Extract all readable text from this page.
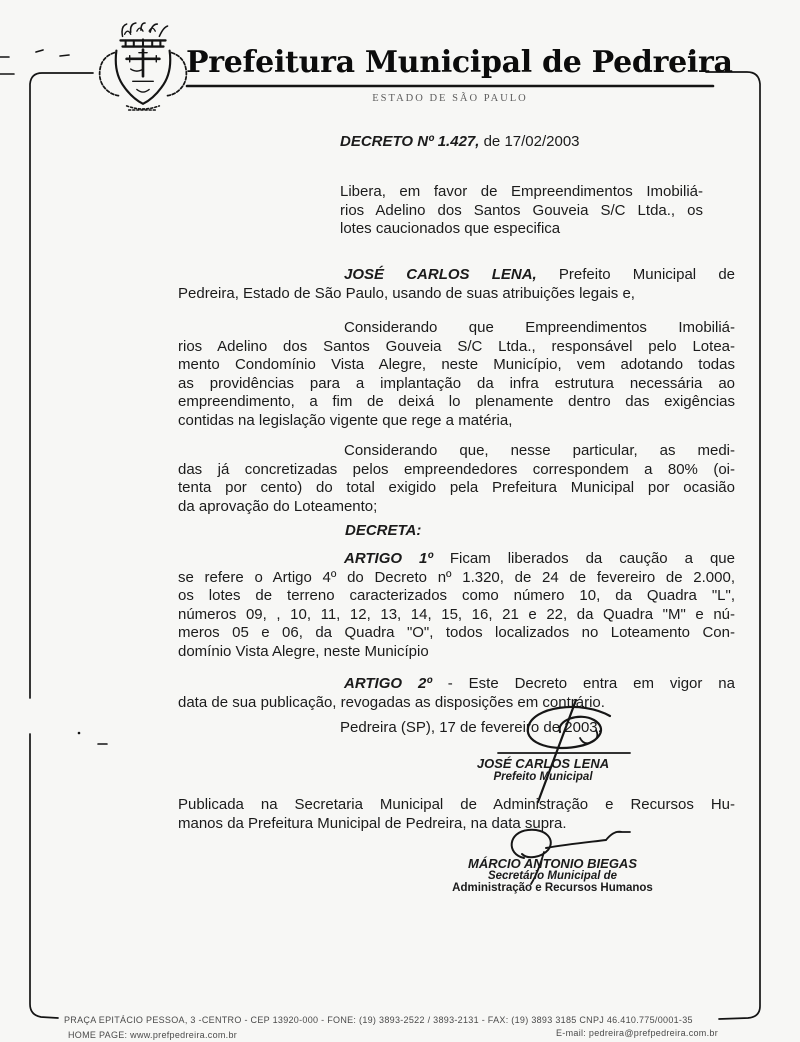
Prefeitura Municipal de Pedreira
ESTADO DE SÃO PAULO
DECRETO Nº 1.427, de 17/02/2003
Libera, em favor de Empreendimentos Imobiliá-
rios Adelino dos Santos Gouveia S/C Ltda., os
lotes caucionados que especifica
JOSÉ CARLOS LENA, Prefeito Municipal de
Pedreira, Estado de São Paulo, usando de suas atribuições legais e,
Considerando que Empreendimentos Imobiliá-
rios Adelino dos Santos Gouveia S/C Ltda., responsável pelo Lotea-
mento Condomínio Vista Alegre, neste Município, vem adotando todas
as providências para a implantação da infra estrutura necessária ao
empreendimento, a fim de deixá lo plenamente dentro das exigências
contidas na legislação vigente que rege a matéria,
Considerando que, nesse particular, as medi-
das já concretizadas pelos empreendedores correspondem a 80% (oi-
tenta por cento) do total exigido pela Prefeitura Municipal por ocasião
da aprovação do Loteamento;
DECRETA:
ARTIGO 1º Ficam liberados da caução a que
se refere o Artigo 4º do Decreto nº 1.320, de 24 de fevereiro de 2.000,
os lotes de terreno caracterizados como número 10, da Quadra "L",
números 09, , 10, 11, 12, 13, 14, 15, 16, 21 e 22, da Quadra "M" e nú-
meros 05 e 06, da Quadra "O", todos localizados no Loteamento Con-
domínio Vista Alegre, neste Município
ARTIGO 2º - Este Decreto entra em vigor na
data de sua publicação, revogadas as disposições em contrário.
Pedreira (SP), 17 de fevereiro de 2003.
JOSÉ CARLOS LENA
Prefeito Municipal
Publicada na Secretaria Municipal de Administração e Recursos Hu-
manos da Prefeitura Municipal de Pedreira, na data supra.
MÁRCIO ANTONIO BIEGAS
Secretário Municipal de
Administração e Recursos Humanos
PRAÇA EPITÁCIO PESSOA, 3 -CENTRO - CEP 13920-000 - FONE: (19) 3893-2522 / 3893-2131 - FAX: (19) 3893 3185 CNPJ 46.410.775/0001-35
HOME PAGE: www.prefpedreira.com.br	E-mail: pedreira@prefpedreira.com.br
